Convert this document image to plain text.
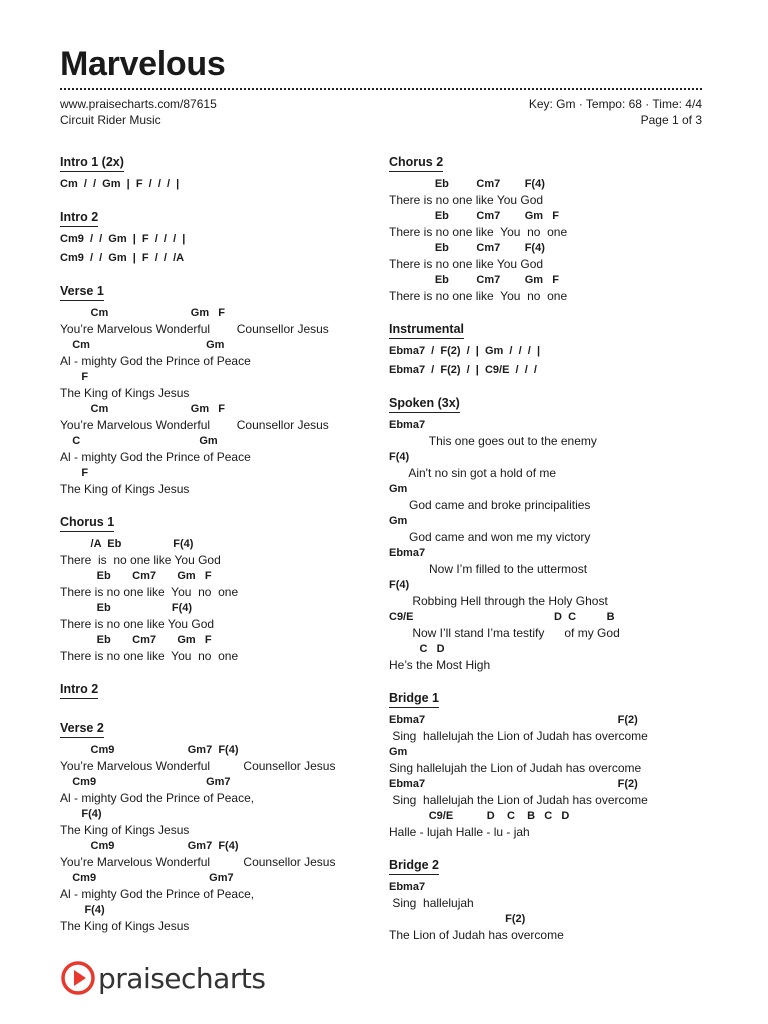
Marvelous
www.praisecharts.com/87615
Circuit Rider Music
Key: Gm · Tempo: 68 · Time: 4/4
Page 1 of 3
Intro 1 (2x)
Cm  /  /  Gm  |  F  /  /  /  |
Intro 2
Cm9  /  /  Gm  |  F  /  /  /  |
Cm9  /  /  Gm  |  F  /  /  /A
Verse 1
Cm                           Gm   F
You’re Marvelous Wonderful        Counsellor Jesus
Cm                                      Gm
Al - mighty God the Prince of Peace
F
The King of Kings Jesus
Cm                           Gm   F
You’re Marvelous Wonderful        Counsellor Jesus
C                                       Gm
Al - mighty God the Prince of Peace
F
The King of Kings Jesus
Chorus 1
/A  Eb                 F(4)
There  is  no one like You God
Eb       Cm7       Gm   F
There is no one like  You  no  one
Eb                    F(4)
There is no one like You God
Eb       Cm7       Gm   F
There is no one like  You  no  one
Intro 2
Verse 2
Cm9                        Gm7  F(4)
You’re Marvelous Wonderful          Counsellor Jesus
Cm9                                    Gm7
Al - mighty God the Prince of Peace,
F(4)
The King of Kings Jesus
Cm9                        Gm7  F(4)
You’re Marvelous Wonderful          Counsellor Jesus
Cm9                                     Gm7
Al - mighty God the Prince of Peace,
F(4)
The King of Kings Jesus
Chorus 2
Eb         Cm7        F(4)
There is no one like You God
Eb         Cm7        Gm   F
There is no one like  You  no  one
Eb         Cm7        F(4)
There is no one like You God
Eb         Cm7        Gm   F
There is no one like  You  no  one
Instrumental
Ebma7  /  F(2)  /  |  Gm  /  /  /  |
Ebma7  /  F(2)  /  |  C9/E  /  /  /
Spoken (3x)
Ebma7
This one goes out to the enemy
F(4)
Ain't no sin got a hold of me
Gm
God came and broke principalities
Gm
God came and won me my victory
Ebma7
Now I’m filled to the uttermost
F(4)
Robbing Hell through the Holy Ghost
C9/E                                              D  C          B
Now I’ll stand I’ma testify      of my God
C   D
He’s the Most High
Bridge 1
Ebma7                                                               F(2)
Sing  hallelujah the Lion of Judah has overcome
Gm
Sing hallelujah the Lion of Judah has overcome
Ebma7                                                               F(2)
Sing  hallelujah the Lion of Judah has overcome
C9/E           D    C    B   C   D
Halle - lujah Halle - lu - jah
Bridge 2
Ebma7
Sing  hallelujah
F(2)
The Lion of Judah has overcome
praisecharts
